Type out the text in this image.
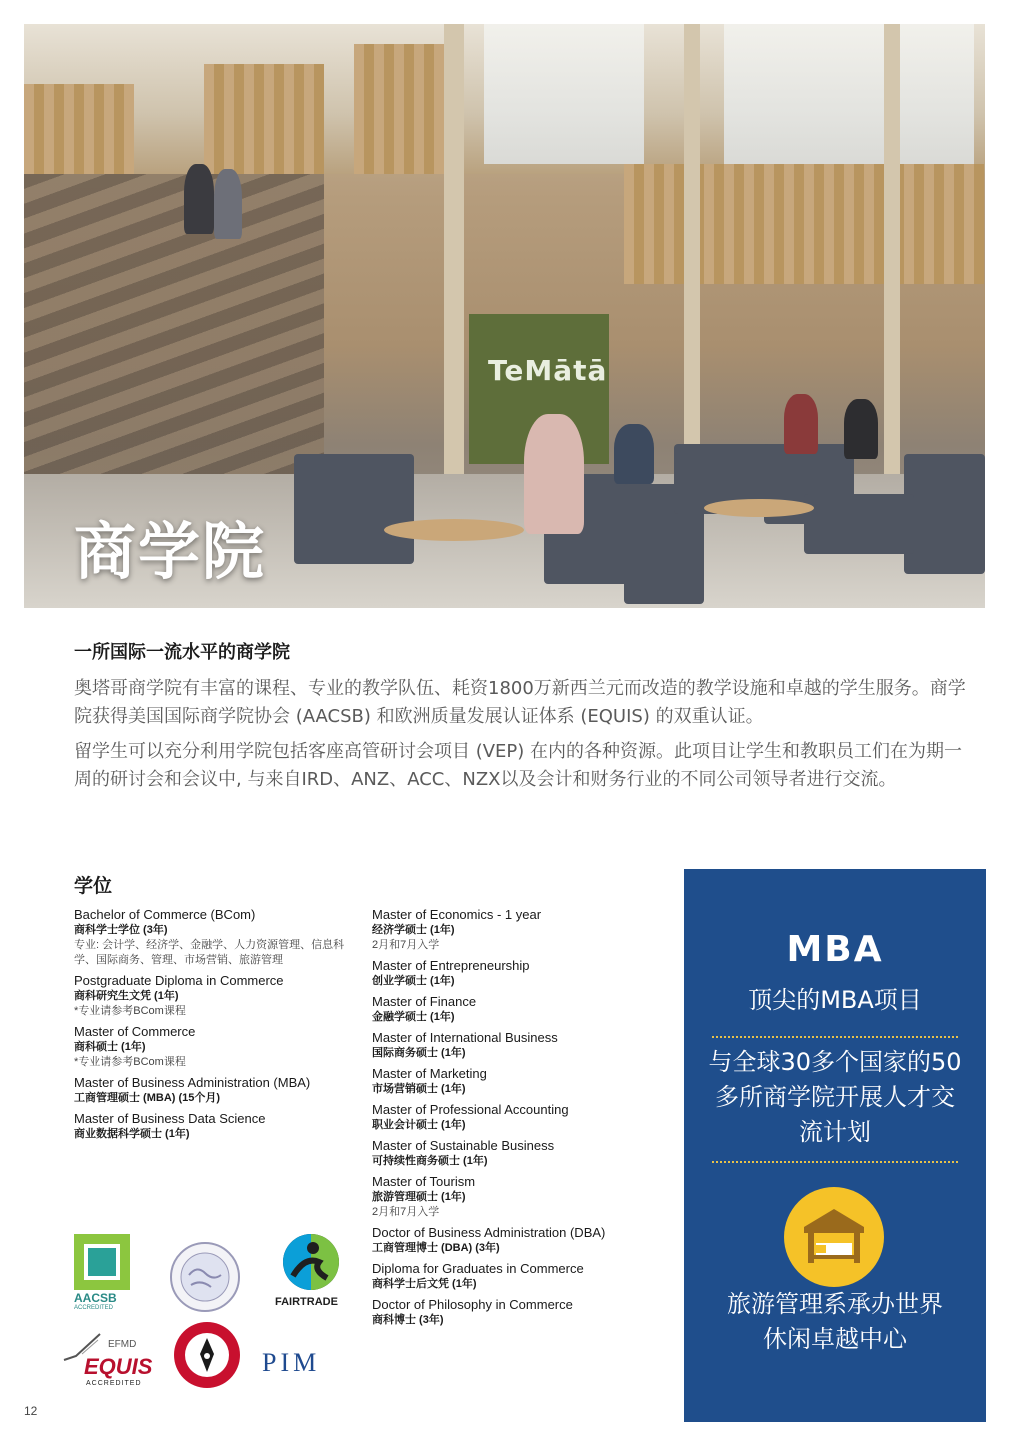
TeMātā
商学院
一所国际一流水平的商学院
奥塔哥商学院有丰富的课程、专业的教学队伍、耗资1800万新西兰元而改造的教学设施和卓越的学生服务。商学院获得美国国际商学院协会 (AACSB) 和欧洲质量发展认证体系 (EQUIS) 的双重认证。
留学生可以充分利用学院包括客座高管研讨会项目 (VEP) 在内的各种资源。此项目让学生和教职员工们在为期一周的研讨会和会议中, 与来自IRD、ANZ、ACC、NZX以及会计和财务行业的不同公司领导者进行交流。
学位
Bachelor of Commerce (BCom)
商科学士学位 (3年)
专业: 会计学、经济学、金融学、人力资源管理、信息科学、国际商务、管理、市场营销、旅游管理
Postgraduate Diploma in Commerce
商科研究生文凭 (1年)
*专业请参考BCom课程
Master of Commerce
商科硕士 (1年)
*专业请参考BCom课程
Master of Business Administration (MBA)
工商管理硕士 (MBA) (15个月)
Master of Business Data Science
商业数据科学硕士 (1年)
Master of Economics - 1 year
经济学硕士 (1年)
2月和7月入学
Master of Entrepreneurship
创业学硕士 (1年)
Master of Finance
金融学硕士 (1年)
Master of International Business
国际商务硕士 (1年)
Master of Marketing
市场营销硕士 (1年)
Master of Professional Accounting
职业会计硕士 (1年)
Master of Sustainable Business
可持续性商务硕士 (1年)
Master of Tourism
旅游管理硕士 (1年)
2月和7月入学
Doctor of Business Administration (DBA)
工商管理博士 (DBA) (3年)
Diploma for Graduates in Commerce
商科学士后文凭 (1年)
Doctor of Philosophy in Commerce
商科博士 (3年)
AACSB
ACCREDITED	FAIRTRADE
EFMD
EQUIS
ACCREDITED
PIM
12
MBA
顶尖的MBA项目
与全球30多个国家的50多所商学院开展人才交流计划
旅游管理系承办世界休闲卓越中心
